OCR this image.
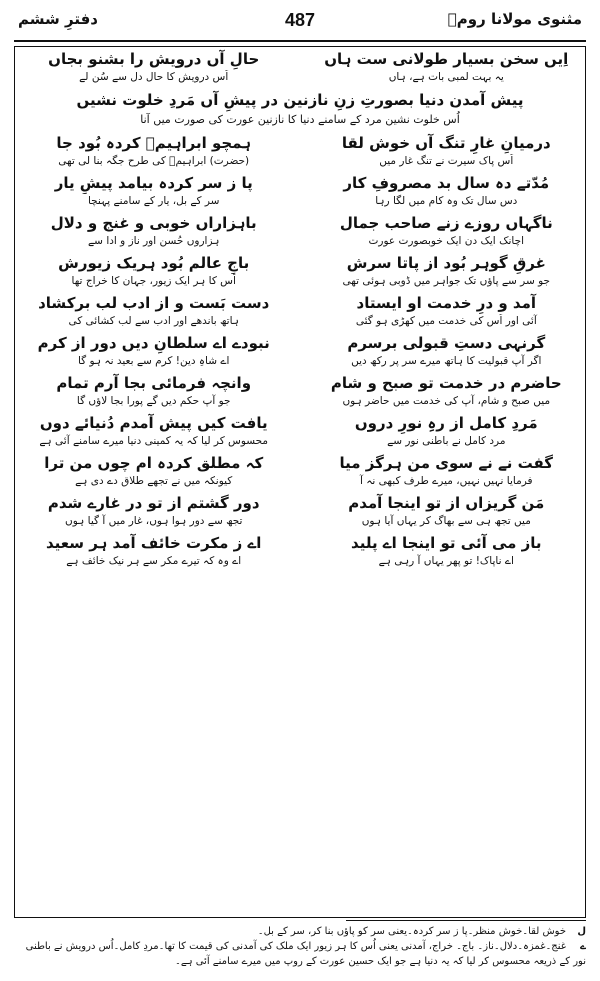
مثنوی مولانا رومؒ
487
دفترِ ششم
اِیں سخن بسیار طولانی ست ہاں
حالِ آں درویش را بشنو بجاں
یہ بہت لمبی بات ہے، ہاں
اُس درویش کا حال دل سے سُن لے
پیش آمدن دنیا بصورتِ زنِ نازنین در پیشِ آں مَردِ خلوت نشیں
اُس خلوت نشین مرد کے سامنے دنیا کا نازنین عورت کی صورت میں آنا
درمیانِ غارِ تنگ آں خوش لقا
ہمچو ابراہیمؑ کردہ بُود جا
اُس پاک سیرت نے تنگ غار میں
(حضرت) ابراہیمؑ کی طرح جگہ بنا لی تھی
مُدّتے دہ سال بد مصروفِ کار
پا ز سر کردہ بیامد پیشِ یار
دس سال تک وہ کام میں لگا رہا
سر کے بل، یار کے سامنے پہنچا
ناگہاں روزے زنے صاحب جمال
باہزاراں خوبی و غنج و دلال
اچانک ایک دن ایک خوبصورت عورت
ہزاروں حُسن اور ناز و ادا سے
غرقِ گوہر بُود از پاتا سرش
باجِ عالم بُود ہریک زیورش
جو سر سے پاؤں تک جواہر میں ڈوبی ہوئی تھی
اُس کا ہر ایک زیور، جہان کا خراج تھا
آمد و درِ خدمت او ایستاد
دست بَست و از ادب لب برکشاد
آئی اور اُس کی خدمت میں کھڑی ہو گئی
ہاتھ باندھے اور ادب سے لب کشائی کی
گرنہی دستِ قبولی برسرم
نبودے اے سلطانِ دیں دور از کرم
اگر آپ قبولیت کا ہاتھ میرے سر پر رکھ دیں
اے شاہِ دین! کرم سے بعید نہ ہو گا
حاضرم در خدمت تو صبح و شام
وانچہ فرمائی بجا آرم تمام
میں صبح و شام، آپ کی خدمت میں حاضر ہوں
جو آپ حکم دیں گے پورا بجا لاؤں گا
مَردِ کامل از رہِ نورِ دروں
یافت کیں پیش آمدم دُنیائے دوں
مرد کامل نے باطنی نور سے
محسوس کر لیا کہ یہ کمینی دنیا میرے سامنے آئی ہے
گفت نے نے سوی من ہرگز میا
کہ مطلق کردہ ام چوں من ترا
فرمایا نہیں نہیں، میرے طرف کبھی نہ آ
کیونکہ میں نے تجھے طلاق دے دی ہے
مَن گریزاں از تو اینجا آمدم
دور گشتم از تو در غارے شدم
میں تجھ ہی سے بھاگ کر یہاں آیا ہوں
تجھ سے دور ہوا ہوں، غار میں آ گیا ہوں
باز می آئی تو اینجا اے پلید
اے ز مکرت خائف آمد ہر سعید
اے ناپاک! تو پھر یہاں آ رہی ہے
اے وہ کہ تیرے مکر سے ہر نیک خائف ہے
ل
خوش لقا۔خوش منظر۔پا ز سر کردہ۔یعنی سر کو پاؤں بنا کر، سر کے بل۔
ے
غنج۔غمزہ۔دلال۔ناز۔ باج۔ خراج، آمدنی یعنی اُس کا ہر زیور ایک ملک کی آمدنی کی قیمت کا تھا۔مردِ کامل۔اُس درویش نے باطنی
نور کے ذریعہ محسوس کر لیا کہ یہ دنیا ہے جو ایک حسین عورت کے روپ میں میرے سامنے آئی ہے۔
